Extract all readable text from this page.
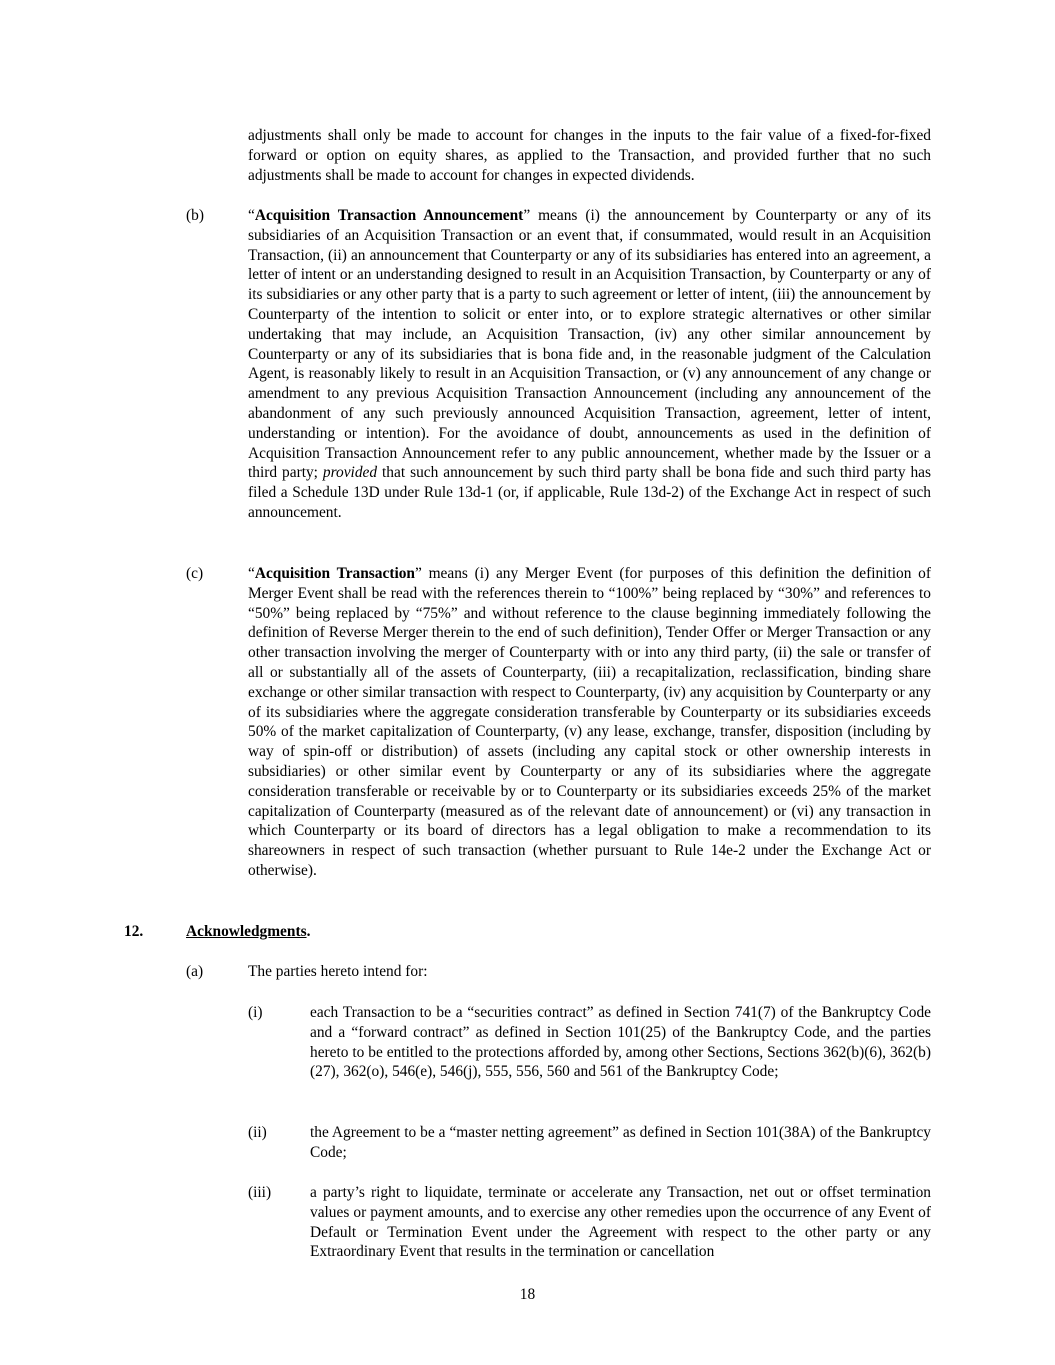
adjustments shall only be made to account for changes in the inputs to the fair value of a fixed-for-fixed forward or option on equity shares, as applied to the Transaction, and provided further that no such adjustments shall be made to account for changes in expected dividends.
(b)	“Acquisition Transaction Announcement” means (i) the announcement by Counterparty or any of its subsidiaries of an Acquisition Transaction or an event that, if consummated, would result in an Acquisition Transaction, (ii) an announcement that Counterparty or any of its subsidiaries has entered into an agreement, a letter of intent or an understanding designed to result in an Acquisition Transaction, by Counterparty or any of its subsidiaries or any other party that is a party to such agreement or letter of intent, (iii) the announcement by Counterparty of the intention to solicit or enter into, or to explore strategic alternatives or other similar undertaking that may include, an Acquisition Transaction, (iv) any other similar announcement by Counterparty or any of its subsidiaries that is bona fide and, in the reasonable judgment of the Calculation Agent, is reasonably likely to result in an Acquisition Transaction, or (v) any announcement of any change or amendment to any previous Acquisition Transaction Announcement (including any announcement of the abandonment of any such previously announced Acquisition Transaction, agreement, letter of intent, understanding or intention). For the avoidance of doubt, announcements as used in the definition of Acquisition Transaction Announcement refer to any public announcement, whether made by the Issuer or a third party; provided that such announcement by such third party shall be bona fide and such third party has filed a Schedule 13D under Rule 13d-1 (or, if applicable, Rule 13d-2) of the Exchange Act in respect of such announcement.
(c)	“Acquisition Transaction” means (i) any Merger Event (for purposes of this definition the definition of Merger Event shall be read with the references therein to “100%” being replaced by “30%” and references to “50%” being replaced by “75%” and without reference to the clause beginning immediately following the definition of Reverse Merger therein to the end of such definition), Tender Offer or Merger Transaction or any other transaction involving the merger of Counterparty with or into any third party, (ii) the sale or transfer of all or substantially all of the assets of Counterparty, (iii) a recapitalization, reclassification, binding share exchange or other similar transaction with respect to Counterparty, (iv) any acquisition by Counterparty or any of its subsidiaries where the aggregate consideration transferable by Counterparty or its subsidiaries exceeds 50% of the market capitalization of Counterparty, (v) any lease, exchange, transfer, disposition (including by way of spin-off or distribution) of assets (including any capital stock or other ownership interests in subsidiaries) or other similar event by Counterparty or any of its subsidiaries where the aggregate consideration transferable or receivable by or to Counterparty or its subsidiaries exceeds 25% of the market capitalization of Counterparty (measured as of the relevant date of announcement) or (vi) any transaction in which Counterparty or its board of directors has a legal obligation to make a recommendation to its shareowners in respect of such transaction (whether pursuant to Rule 14e-2 under the Exchange Act or otherwise).
12.	Acknowledgments.
(a)	The parties hereto intend for:
(i)	each Transaction to be a “securities contract” as defined in Section 741(7) of the Bankruptcy Code and a “forward contract” as defined in Section 101(25) of the Bankruptcy Code, and the parties hereto to be entitled to the protections afforded by, among other Sections, Sections 362(b)(6), 362(b)(27), 362(o), 546(e), 546(j), 555, 556, 560 and 561 of the Bankruptcy Code;
(ii)	the Agreement to be a “master netting agreement” as defined in Section 101(38A) of the Bankruptcy Code;
(iii)	a party’s right to liquidate, terminate or accelerate any Transaction, net out or offset termination values or payment amounts, and to exercise any other remedies upon the occurrence of any Event of Default or Termination Event under the Agreement with respect to the other party or any Extraordinary Event that results in the termination or cancellation
18
